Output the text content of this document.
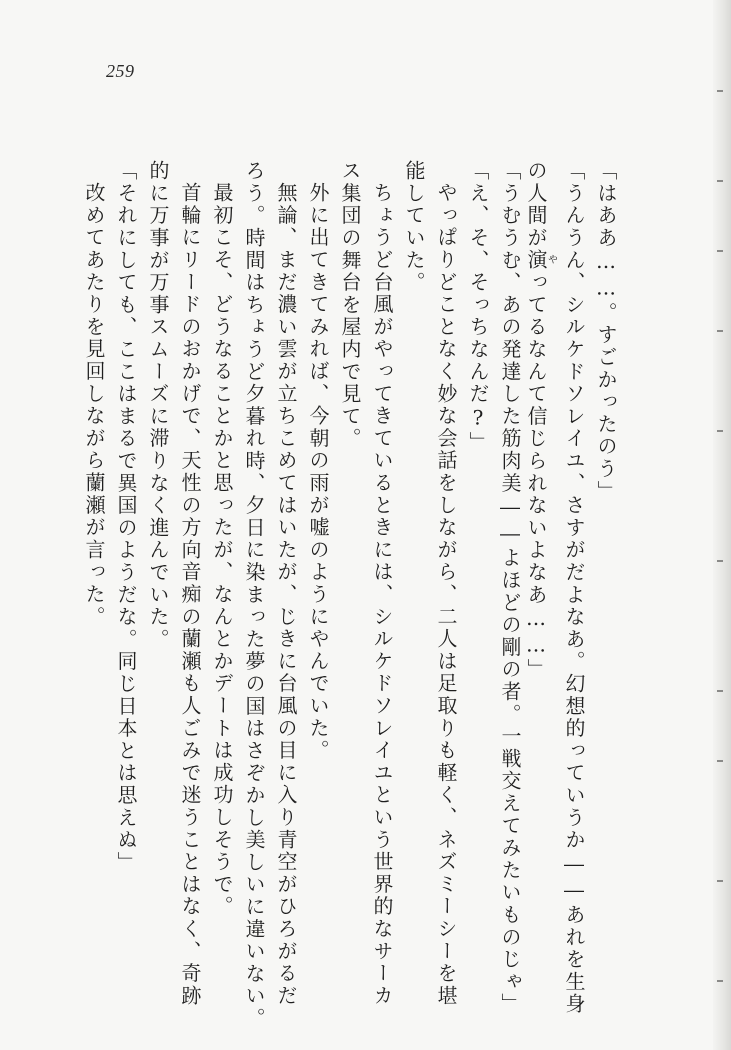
259
「はああ……。すごかったのう」
「うんうん、シルケドソレイユ、さすがだよなあ。幻想的っていうか――あれを生身
の人間が演やってるなんて信じられないよなあ……」
「うむうむ、あの発達した筋肉美――よほどの剛の者。一戦交えてみたいものじゃ」
「え、そ、そっちなんだ?」
やっぱりどことなく妙な会話をしながら、二人は足取りも軽く、ネズミーシーを堪
能していた。
ちょうど台風がやってきているときには、シルケドソレイユという世界的なサーカ
ス集団の舞台を屋内で見て。
外に出てきてみれば、今朝の雨が嘘のようにやんでいた。
無論、まだ濃い雲が立ちこめてはいたが、じきに台風の目に入り青空がひろがるだ
ろう。時間はちょうど夕暮れ時、夕日に染まった夢の国はさぞかし美しいに違いない。
最初こそ、どうなることかと思ったが、なんとかデートは成功しそうで。
首輪にリードのおかげで、天性の方向音痴の蘭瀬も人ごみで迷うことはなく、奇跡
的に万事が万事スムーズに滞りなく進んでいた。
「それにしても、ここはまるで異国のようだな。同じ日本とは思えぬ」
改めてあたりを見回しながら蘭瀬が言った。
